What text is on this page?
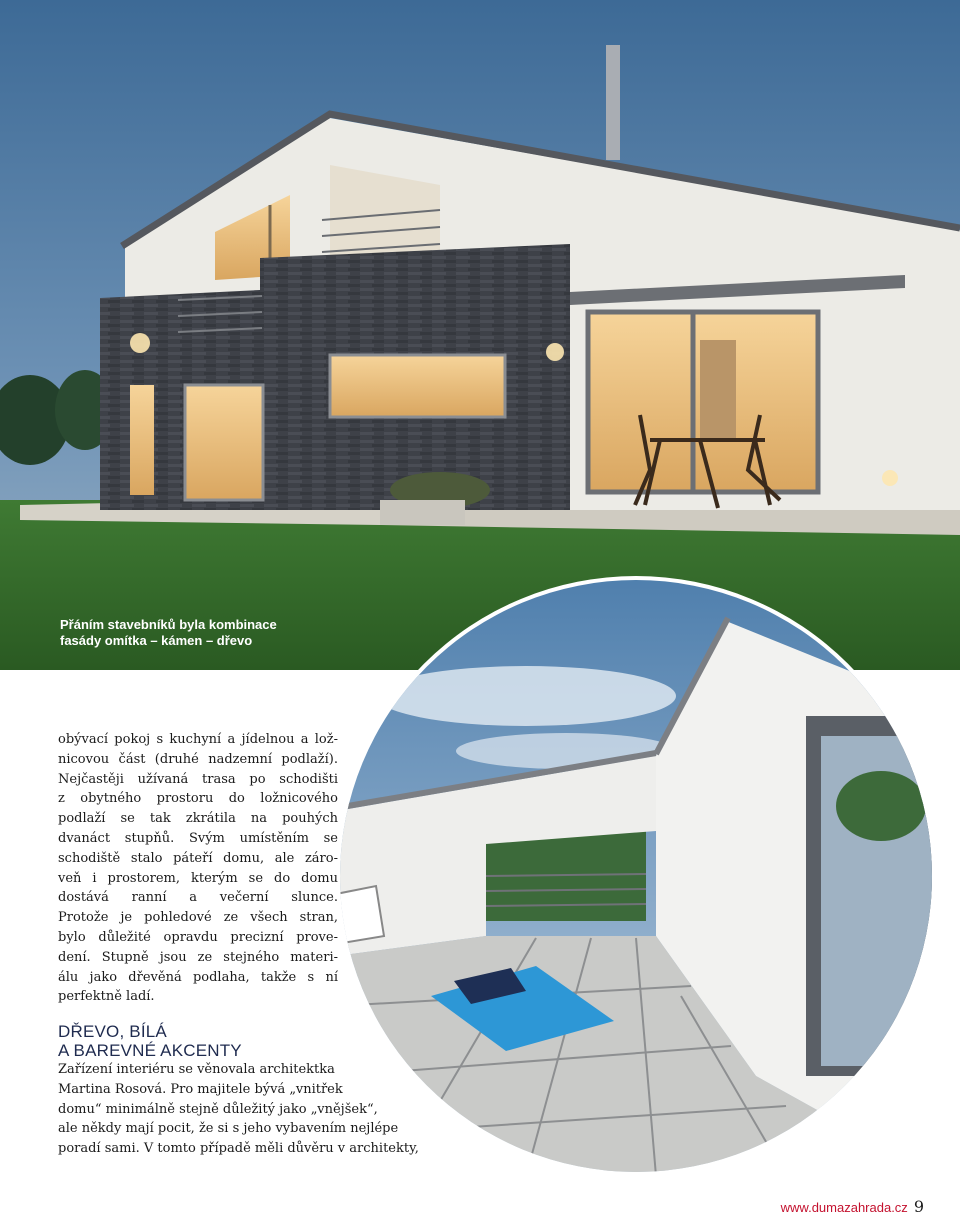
Přáním stavebníků byla kombinace
fasády omítka – kámen – dřevo
obývací pokoj s kuchyní a jídelnou a lož-
nicovou část (druhé nadzemní podlaží).
Nejčastěji užívaná trasa po schodišti
z obytného prostoru do ložnicového
podlaží se tak zkrátila na pouhých
dvanáct stupňů. Svým umístěním se
schodiště stalo páteří domu, ale záro-
veň i prostorem, kterým se do domu
dostává ranní a večerní slunce.
Protože je pohledové ze všech stran,
bylo důležité opravdu precizní prove-
dení. Stupně jsou ze stejného materi-
álu jako dřevěná podlaha, takže s ní
perfektně ladí.
DŘEVO, BÍLÁ
A BAREVNÉ AKCENTY
Zařízení interiéru se věnovala architektka
Martina Rosová. Pro majitele bývá „vnitřek
domu“ minimálně stejně důležitý jako „vnějšek“,
ale někdy mají pocit, že si s jeho vybavením nejlépe
poradí sami. V tomto případě měli důvěru v architekty,
www.dumazahrada.cz 9
